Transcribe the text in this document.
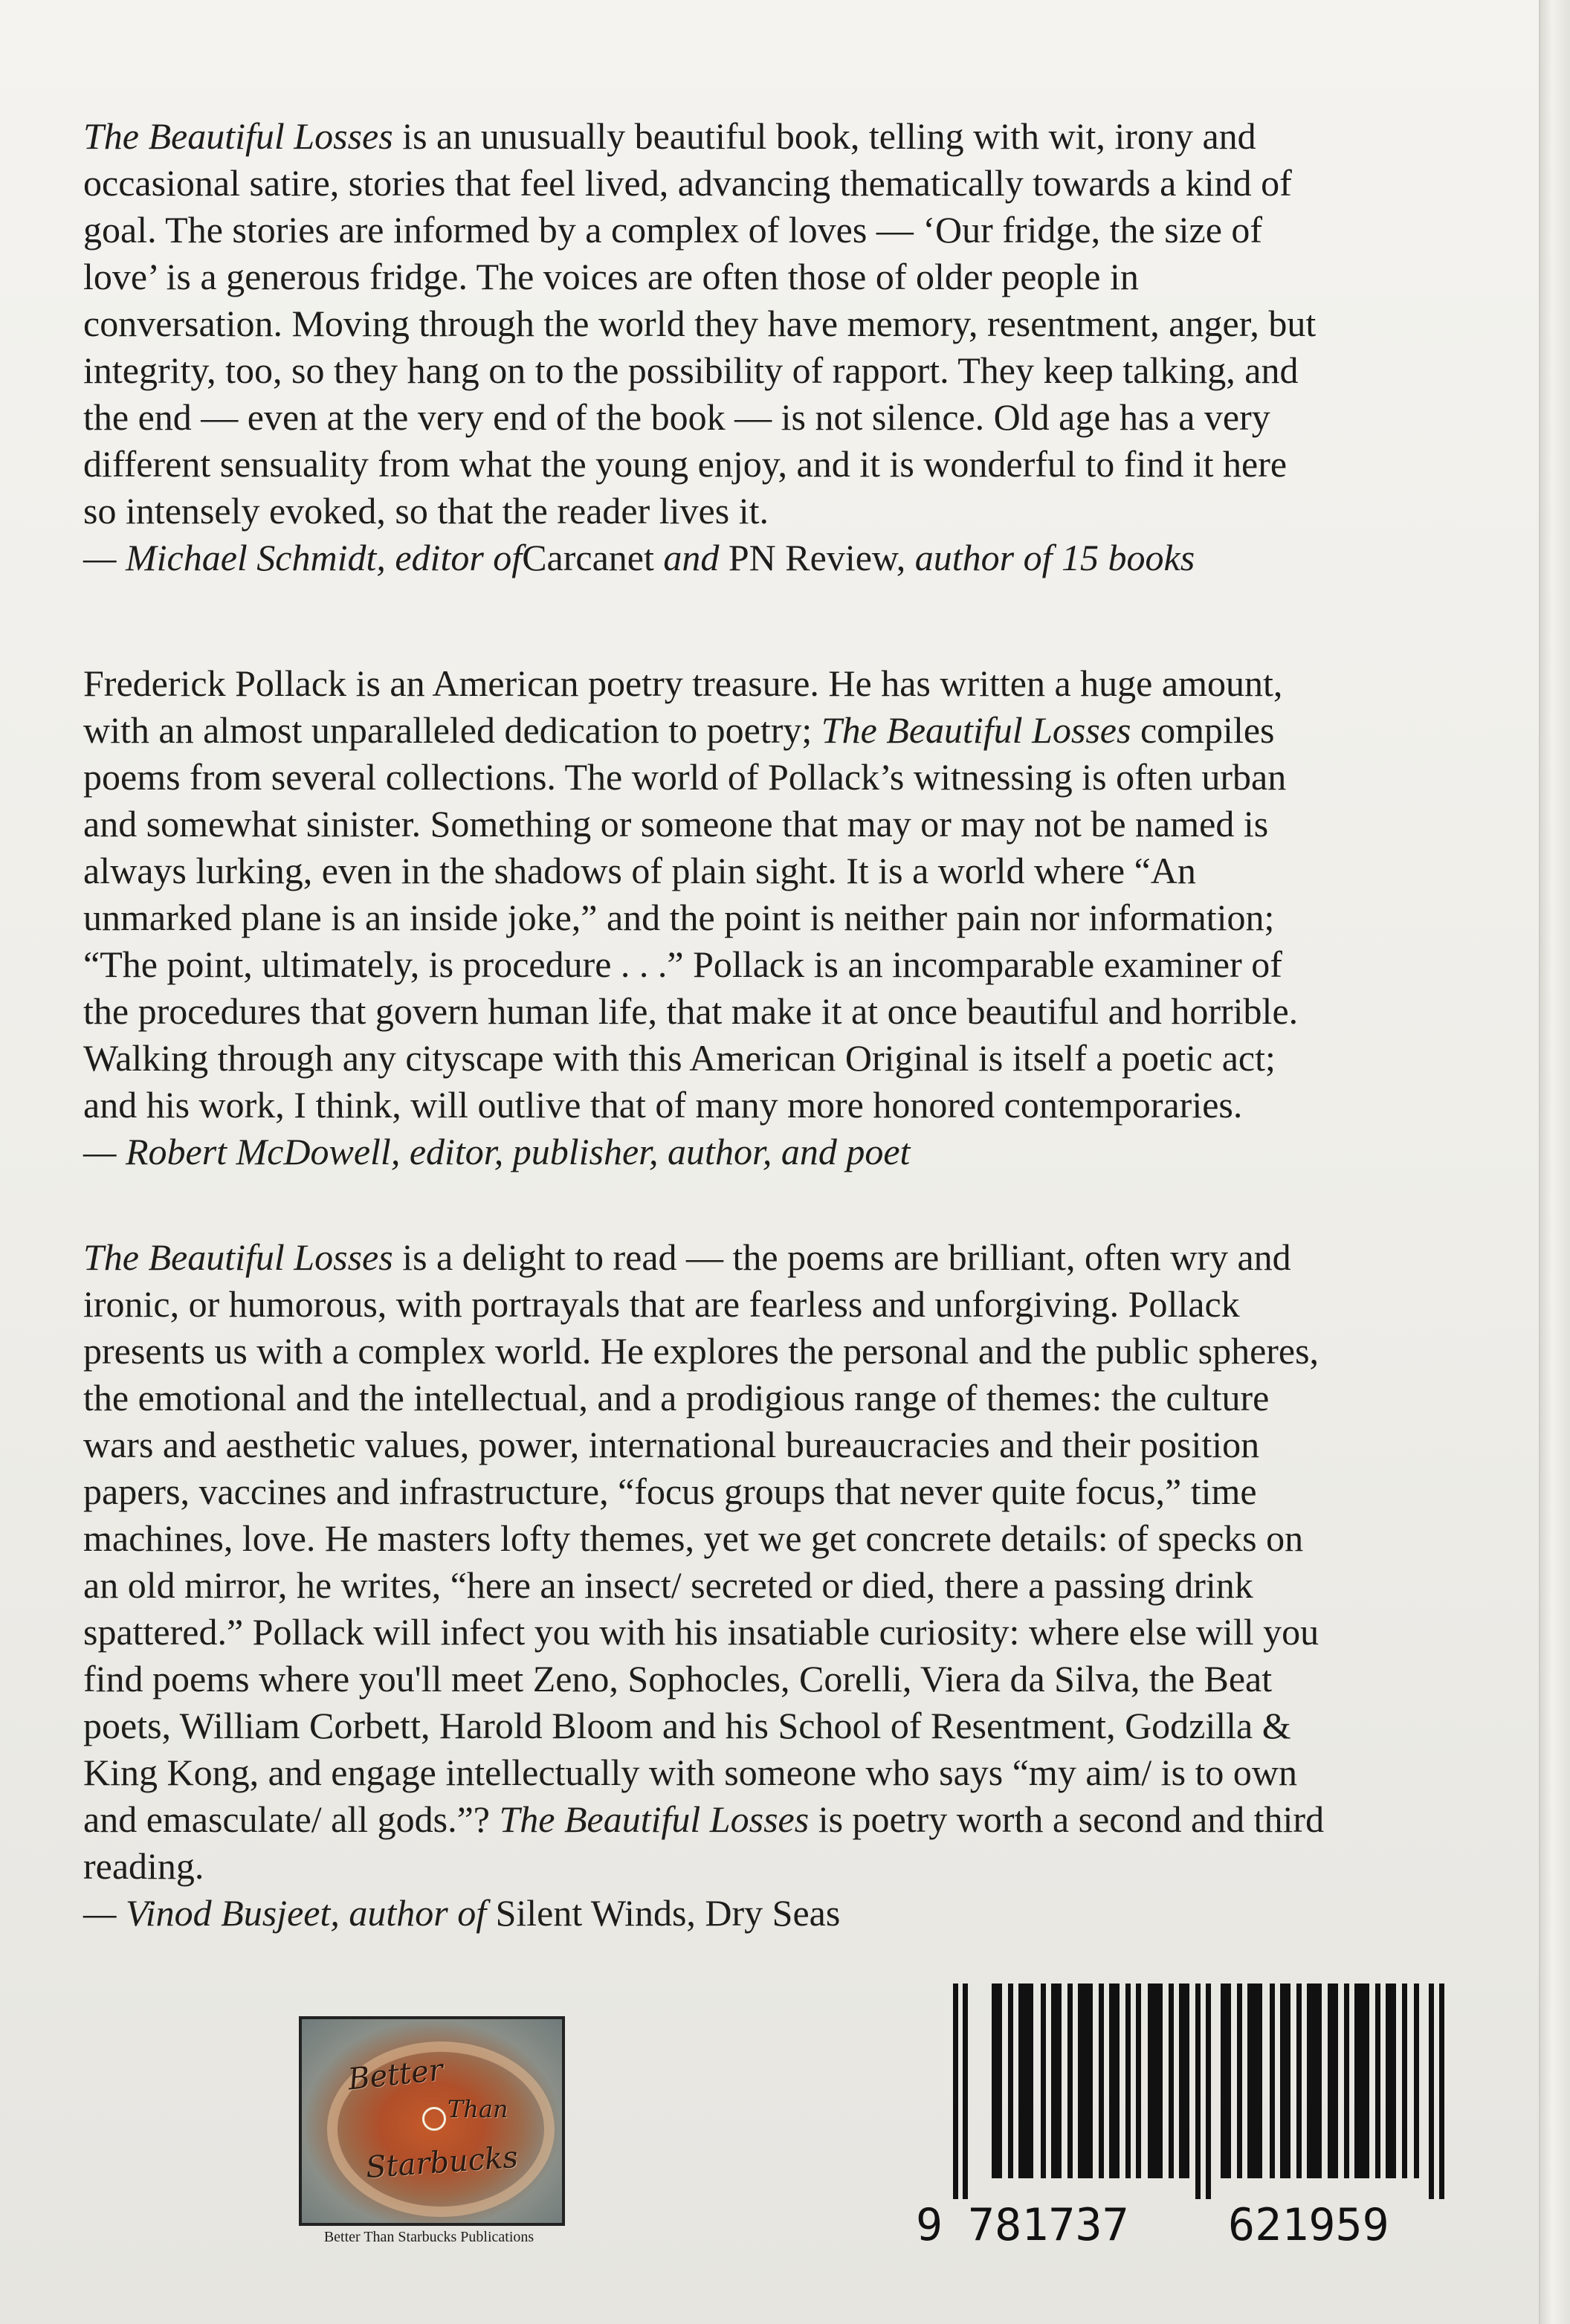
The Beautiful Losses is an unusually beautiful book, telling with wit, irony and
occasional satire, stories that feel lived, advancing thematically towards a kind of
goal. The stories are informed by a complex of loves — ‘Our fridge, the size of
love’ is a generous fridge. The voices are often those of older people in
conversation. Moving through the world they have memory, resentment, anger, but
integrity, too, so they hang on to the possibility of rapport. They keep talking, and
the end — even at the very end of the book — is not silence. Old age has a very
different sensuality from what the young enjoy, and it is wonderful to find it here
so intensely evoked, so that the reader lives it.
— Michael Schmidt, editor ofCarcanet and PN Review, author of 15 books
Frederick Pollack is an American poetry treasure. He has written a huge amount,
with an almost unparalleled dedication to poetry; The Beautiful Losses compiles
poems from several collections. The world of Pollack’s witnessing is often urban
and somewhat sinister. Something or someone that may or may not be named is
always lurking, even in the shadows of plain sight. It is a world where “An
unmarked plane is an inside joke,” and the point is neither pain nor information;
“The point, ultimately, is procedure . . .” Pollack is an incomparable examiner of
the procedures that govern human life, that make it at once beautiful and horrible.
Walking through any cityscape with this American Original is itself a poetic act;
and his work, I think, will outlive that of many more honored contemporaries.
— Robert McDowell, editor, publisher, author, and poet
The Beautiful Losses is a delight to read — the poems are brilliant, often wry and
ironic, or humorous, with portrayals that are fearless and unforgiving. Pollack
presents us with a complex world. He explores the personal and the public spheres,
the emotional and the intellectual, and a prodigious range of themes: the culture
wars and aesthetic values, power, international bureaucracies and their position
papers, vaccines and infrastructure, “focus groups that never quite focus,” time
machines, love. He masters lofty themes, yet we get concrete details: of specks on
an old mirror, he writes, “here an insect/ secreted or died, there a passing drink
spattered.” Pollack will infect you with his insatiable curiosity: where else will you
find poems where you'll meet Zeno, Sophocles, Corelli, Viera da Silva, the Beat
poets, William Corbett, Harold Bloom and his School of Resentment, Godzilla &
King Kong, and engage intellectually with someone who says “my aim/ is to own
and emasculate/ all gods.”? The Beautiful Losses is poetry worth a second and third
reading.
— Vinod Busjeet, author of Silent Winds, Dry Seas
Better
Than
Starbucks
Better Than Starbucks Publications	9 781737 621959
